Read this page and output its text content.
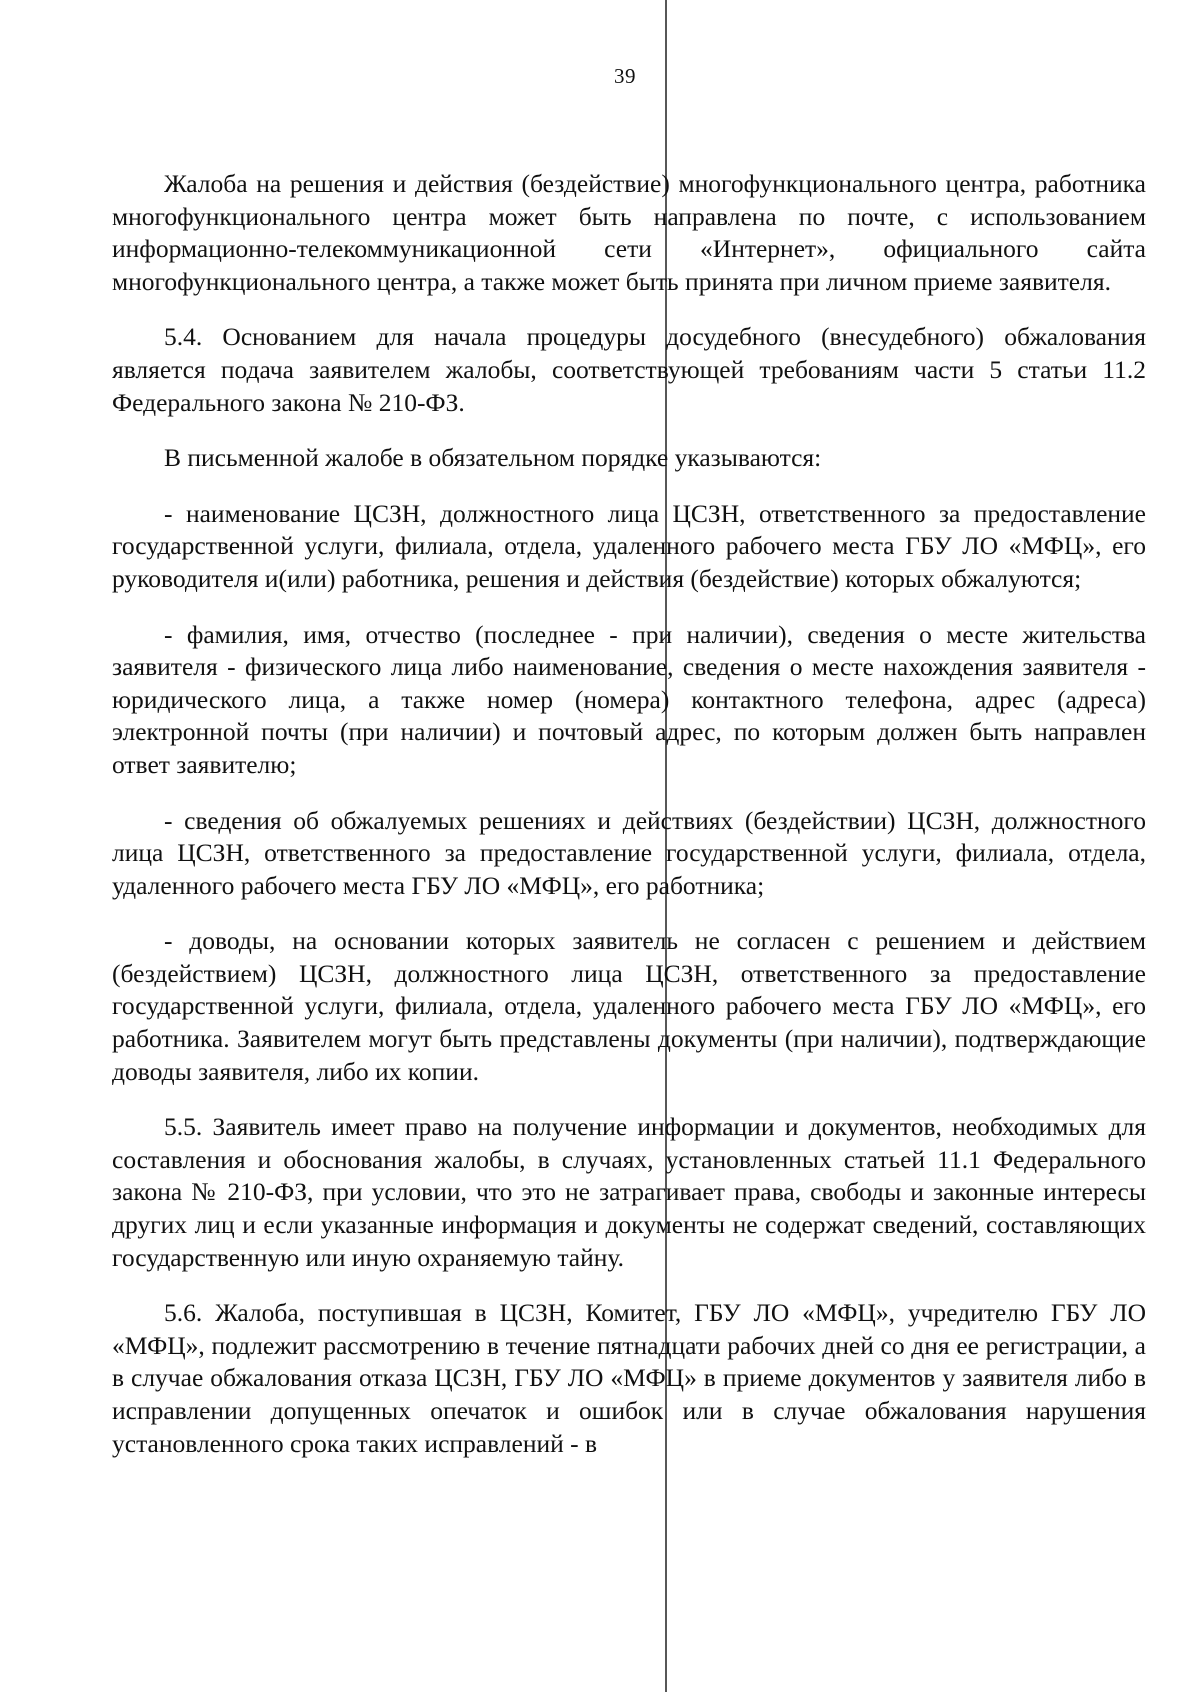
39

Жалоба на решения и действия (бездействие) многофункционального центра, работника многофункционального центра может быть направлена по почте, с использованием информационно-телекоммуникационной сети «Интернет», официального сайта многофункционального центра, а также может быть принята при личном приеме заявителя.

5.4. Основанием для начала процедуры досудебного (внесудебного) обжалования является подача заявителем жалобы, соответствующей требованиям части 5 статьи 11.2 Федерального закона № 210-ФЗ.

В письменной жалобе в обязательном порядке указываются:

- наименование ЦСЗН, должностного лица ЦСЗН, ответственного за предоставление государственной услуги, филиала, отдела, удаленного рабочего места ГБУ ЛО «МФЦ», его руководителя и(или) работника, решения и действия (бездействие) которых обжалуются;

- фамилия, имя, отчество (последнее - при наличии), сведения о месте жительства заявителя - физического лица либо наименование, сведения о месте нахождения заявителя - юридического лица, а также номер (номера) контактного телефона, адрес (адреса) электронной почты (при наличии) и почтовый адрес, по которым должен быть направлен ответ заявителю;

- сведения об обжалуемых решениях и действиях (бездействии) ЦСЗН, должностного лица ЦСЗН, ответственного за предоставление государственной услуги, филиала, отдела, удаленного рабочего места ГБУ ЛО «МФЦ», его работника;

- доводы, на основании которых заявитель не согласен с решением и действием (бездействием) ЦСЗН, должностного лица ЦСЗН, ответственного за предоставление государственной услуги, филиала, отдела, удаленного рабочего места ГБУ ЛО «МФЦ», его работника. Заявителем могут быть представлены документы (при наличии), подтверждающие доводы заявителя, либо их копии.

5.5. Заявитель имеет право на получение информации и документов, необходимых для составления и обоснования жалобы, в случаях, установленных статьей 11.1 Федерального закона № 210-ФЗ, при условии, что это не затрагивает права, свободы и законные интересы других лиц и если указанные информация и документы не содержат сведений, составляющих государственную или иную охраняемую тайну.

5.6. Жалоба, поступившая в ЦСЗН, Комитет, ГБУ ЛО «МФЦ», учредителю ГБУ ЛО «МФЦ», подлежит рассмотрению в течение пятнадцати рабочих дней со дня ее регистрации, а в случае обжалования отказа ЦСЗН, ГБУ ЛО «МФЦ» в приеме документов у заявителя либо в исправлении допущенных опечаток и ошибок или в случае обжалования нарушения установленного срока таких исправлений - в
